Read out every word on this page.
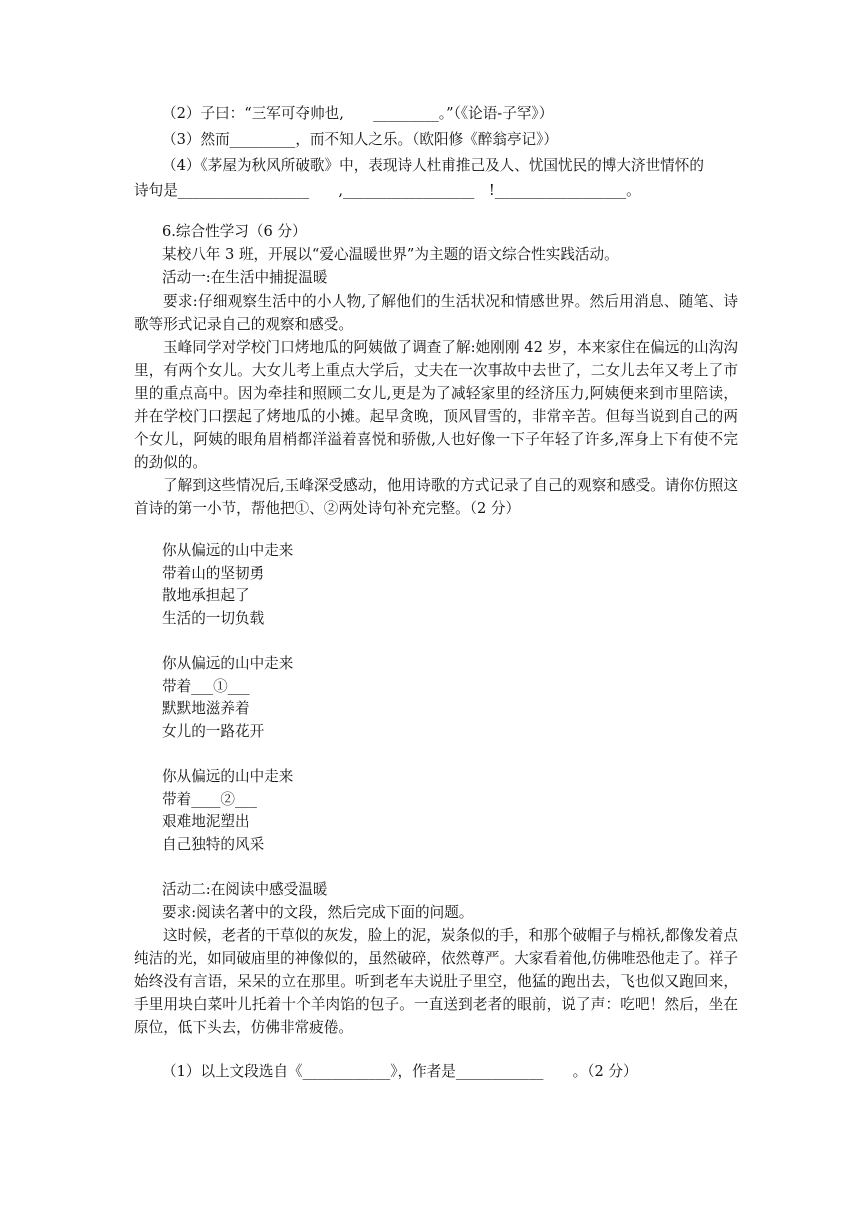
（2）子曰：“三军可夺帅也,　　_________。”（《论语-子罕》）
（3）然而_________，而不知人之乐。（欧阳修《醉翁亭记》）
（4）《茅屋为秋风所破歌》中，表现诗人杜甫推己及人、忧国忧民的博大济世情怀的
诗句是__________________　　,__________________　!__________________。
6.综合性学习（6 分）
某校八年 3 班，开展以“爱心温暖世界”为主题的语文综合性实践活动。
活动一:在生活中捕捉温暖

要求:仔细观察生活中的小人物,了解他们的生活状况和情感世界。然后用消息、随笔、诗歌等形式记录自己的观察和感受。

玉峰同学对学校门口烤地瓜的阿姨做了调查了解:她刚刚 42 岁，本来家住在偏远的山沟沟里，有两个女儿。大女儿考上重点大学后，丈夫在一次事故中去世了，二女儿去年又考上了市里的重点高中。因为牵挂和照顾二女儿,更是为了减轻家里的经济压力,阿姨便来到市里陪读，并在学校门口摆起了烤地瓜的小摊。起早贪晚，顶风冒雪的，非常辛苦。但每当说到自己的两个女儿，阿姨的眼角眉梢都洋溢着喜悦和骄傲,人也好像一下子年轻了许多,浑身上下有使不完的劲似的。

了解到这些情况后,玉峰深受感动，他用诗歌的方式记录了自己的观察和感受。请你仿照这首诗的第一小节，帮他把①、②两处诗句补充完整。（2 分）

你从偏远的山中走来
带着山的坚韧勇
散地承担起了
生活的一切负载
你从偏远的山中走来
带着___①___
默默地滋养着
女儿的一路花开
你从偏远的山中走来
带着____②___
艰难地泥塑出
自己独特的风采
活动二:在阅读中感受温暖
要求:阅读名著中的文段，然后完成下面的问题。

这时候，老者的干草似的灰发，脸上的泥，炭条似的手，和那个破帽子与棉袄,都像发着点纯洁的光，如同破庙里的神像似的，虽然破碎，依然尊严。大家看着他,仿佛唯恐他走了。祥子始终没有言语，呆呆的立在那里。听到老车夫说肚子里空，他猛的跑出去，飞也似又跑回来，手里用块白菜叶儿托着十个羊肉馅的包子。一直送到老者的眼前，说了声：吃吧！然后，坐在原位，低下头去，仿佛非常疲倦。

（1）以上文段选自《____________》，作者是____________　　。（2 分）
